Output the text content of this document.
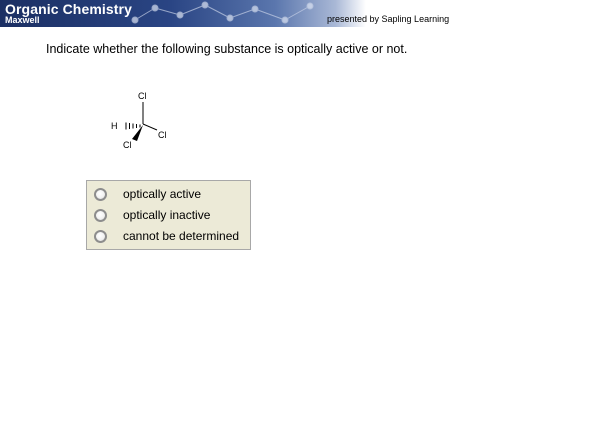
Organic Chemistry
Maxwell	presented by Sapling Learning
Indicate whether the following substance is optically active or not.
Cl
Cl
H
Cl
optically active
optically inactive
cannot be determined
